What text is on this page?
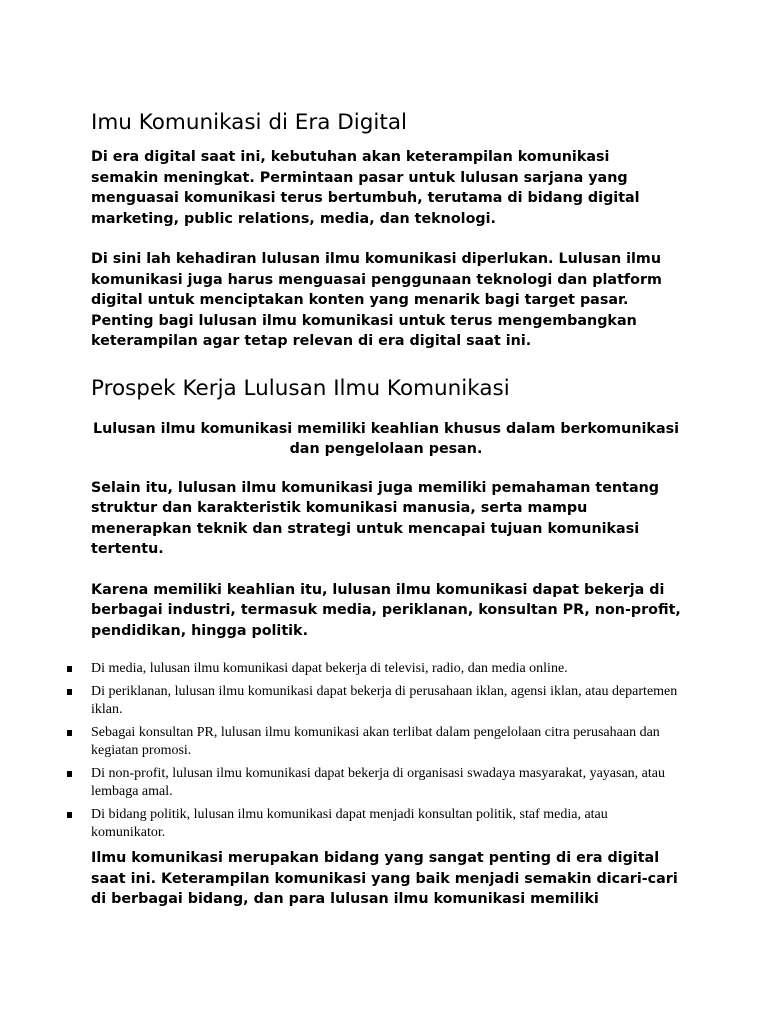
Imu Komunikasi di Era Digital

Di era digital saat ini, kebutuhan akan keterampilan komunikasi semakin meningkat. Permintaan pasar untuk lulusan sarjana yang menguasai komunikasi terus bertumbuh, terutama di bidang digital marketing, public relations, media, dan teknologi.

Di sini lah kehadiran lulusan ilmu komunikasi diperlukan. Lulusan ilmu komunikasi juga harus menguasai penggunaan teknologi dan platform digital untuk menciptakan konten yang menarik bagi target pasar. Penting bagi lulusan ilmu komunikasi untuk terus mengembangkan keterampilan agar tetap relevan di era digital saat ini.

Prospek Kerja Lulusan Ilmu Komunikasi

Lulusan ilmu komunikasi memiliki keahlian khusus dalam berkomunikasi dan pengelolaan pesan.

Selain itu, lulusan ilmu komunikasi juga memiliki pemahaman tentang struktur dan karakteristik komunikasi manusia, serta mampu menerapkan teknik dan strategi untuk mencapai tujuan komunikasi tertentu.

Karena memiliki keahlian itu, lulusan ilmu komunikasi dapat bekerja di berbagai industri, termasuk media, periklanan, konsultan PR, non-profit, pendidikan, hingga politik.

Di media, lulusan ilmu komunikasi dapat bekerja di televisi, radio, dan media online.
Di periklanan, lulusan ilmu komunikasi dapat bekerja di perusahaan iklan, agensi iklan, atau departemen iklan.
Sebagai konsultan PR, lulusan ilmu komunikasi akan terlibat dalam pengelolaan citra perusahaan dan kegiatan promosi.
Di non-profit, lulusan ilmu komunikasi dapat bekerja di organisasi swadaya masyarakat, yayasan, atau lembaga amal.
Di bidang politik, lulusan ilmu komunikasi dapat menjadi konsultan politik, staf media, atau komunikator.

Ilmu komunikasi merupakan bidang yang sangat penting di era digital saat ini. Keterampilan komunikasi yang baik menjadi semakin dicari-cari di berbagai bidang, dan para lulusan ilmu komunikasi memiliki
